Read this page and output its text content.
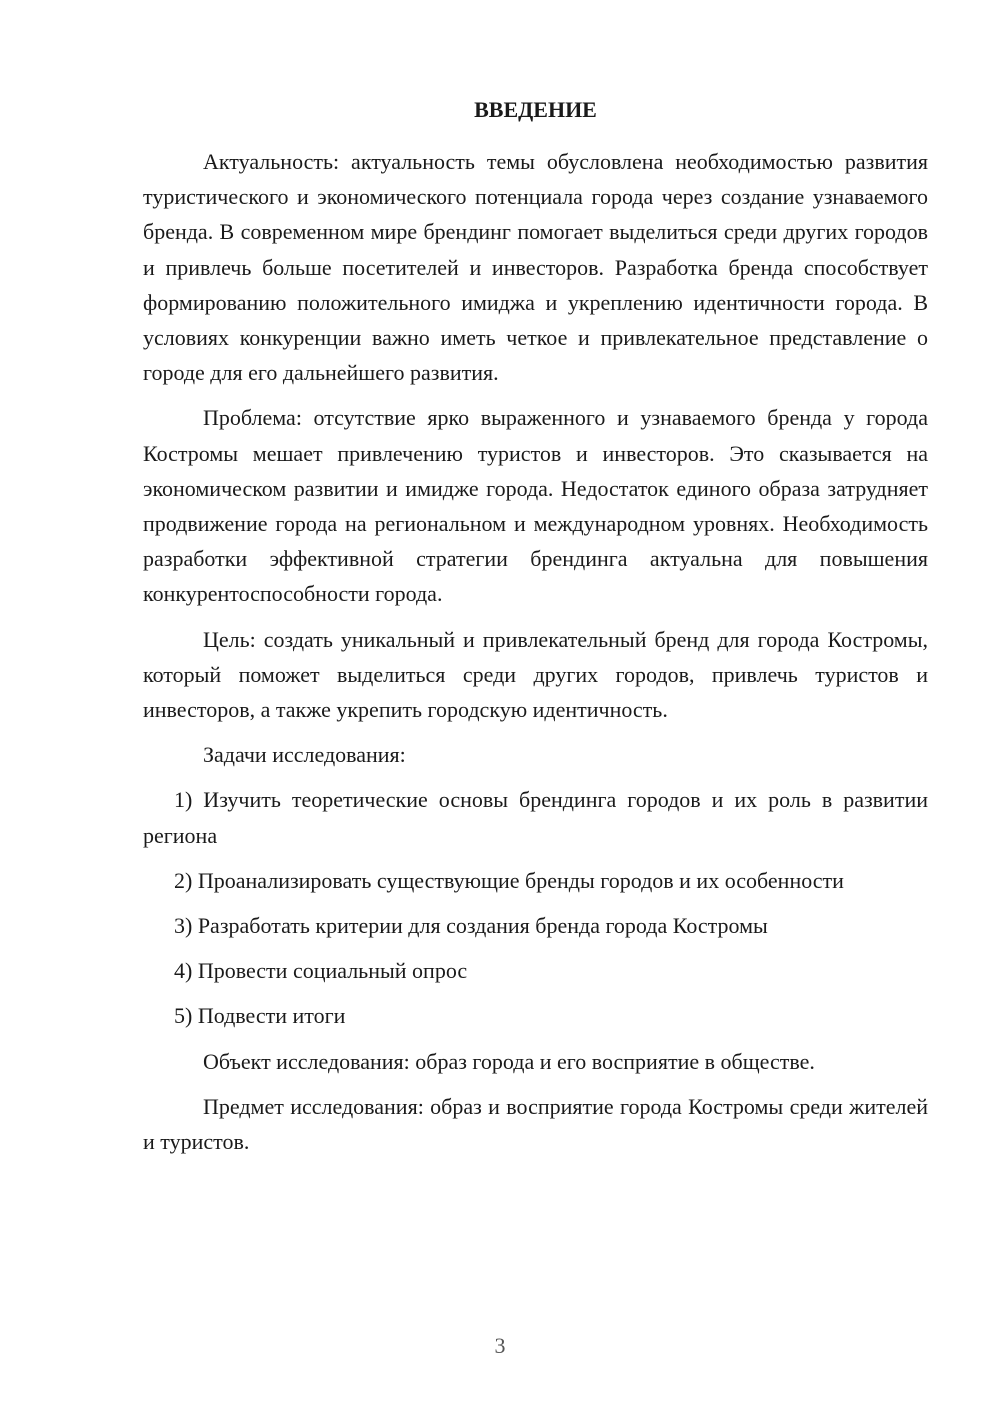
ВВЕДЕНИЕ

Актуальность: актуальность темы обусловлена необходимостью развития туристического и экономического потенциала города через создание узнаваемого бренда. В современном мире брендинг помогает выделиться среди других городов и привлечь больше посетителей и инвесторов. Разработка бренда способствует формированию положительного имиджа и укреплению идентичности города. В условиях конкуренции важно иметь четкое и привлекательное представление о городе для его дальнейшего развития.

Проблема: отсутствие ярко выраженного и узнаваемого бренда у города Костромы мешает привлечению туристов и инвесторов. Это сказывается на экономическом развитии и имидже города. Недостаток единого образа затрудняет продвижение города на региональном и международном уровнях. Необходимость разработки эффективной стратегии брендинга актуальна для повышения конкурентоспособности города.

Цель: создать уникальный и привлекательный бренд для города Костромы, который поможет выделиться среди других городов, привлечь туристов и инвесторов, а также укрепить городскую идентичность.

Задачи исследования:

1) Изучить теоретические основы брендинга городов и их роль в развитии региона

2) Проанализировать существующие бренды городов и их особенности

3) Разработать критерии для создания бренда города Костромы

4) Провести социальный опрос

5) Подвести итоги

Объект исследования: образ города и его восприятие в обществе.

Предмет исследования: образ и восприятие города Костромы среди жителей и туристов.

3
